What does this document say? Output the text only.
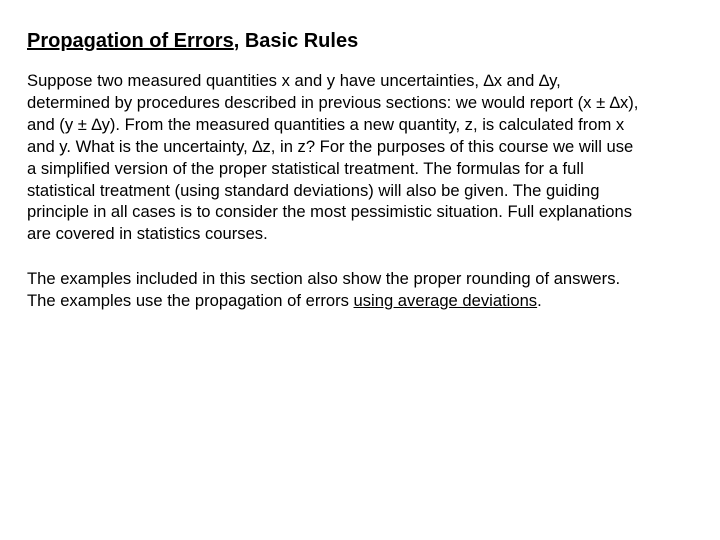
Propagation of Errors, Basic Rules

Suppose two measured quantities x and y have uncertainties, ∆x and ∆y,
determined by procedures described in previous sections: we would report (x ± ∆x),
and (y ± ∆y). From the measured quantities a new quantity, z, is calculated from x
and y. What is the uncertainty, ∆z, in z? For the purposes of this course we will use
a simplified version of the proper statistical treatment. The formulas for a full
statistical treatment (using standard deviations) will also be given. The guiding
principle in all cases is to consider the most pessimistic situation. Full explanations
are covered in statistics courses.

The examples included in this section also show the proper rounding of answers.
The examples use the propagation of errors using average deviations.
